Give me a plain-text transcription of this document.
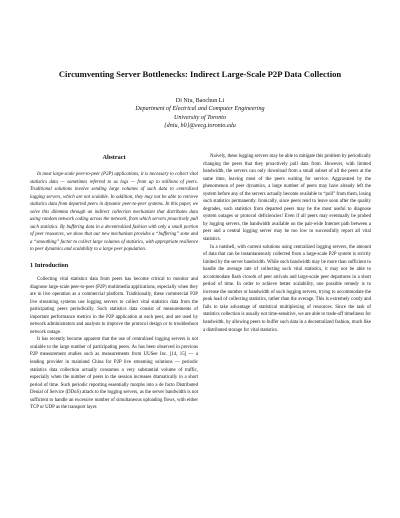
Circumventing Server Bottlenecks: Indirect Large-Scale P2P Data Collection
Di Niu, Baochun Li
Department of Electrical and Computer Engineering
University of Toronto
{dniu, bli}@eecg.toronto.edu
Abstract

In most large-scale peer-to-peer (P2P) applications, it is necessary to collect vital statistics data — sometimes referred to as logs — from up to millions of peers. Traditional solutions involve sending large volumes of such data to centralized logging servers, which are not scalable. In addition, they may not be able to retrieve statistics data from departed peers in dynamic peer-to-peer systems. In this paper, we solve this dilemma through an indirect collection mechanism that distributes data using random network coding across the network, from which servers proactively pull such statistics. By buffering data in a decentralized fashion with only a small portion of peer resources, we show that our new mechanism provides a “buffering” zone and a “smoothing” factor to collect large volumes of statistics, with appropriate resilience to peer dynamics and scalability to a large peer population.

1 Introduction

Collecting vital statistics data from peers has become critical to monitor and diagnose large-scale peer-to-peer (P2P) multimedia applications, especially when they are in live operation as a commercial platform. Traditionally, these commercial P2P live streaming systems use logging servers to collect vital statistics data from the participating peers periodically. Such statistics data consist of measurements of important performance metrics in the P2P application at each peer, and are used by network administrators and analysts to improve the protocol design or to troubleshoot network outage.

It has recently become apparent that the use of centralized logging servers is not scalable to the large number of participating peers. As has been observed in previous P2P measurement studies such as measurements from UUSee Inc. [14, 15] — a leading provider in mainland China for P2P live streaming solutions — periodic statistics data collection actually consumes a very substantial volume of traffic, especially when the number of peers in the session increases dramatically in a short period of time. Such periodic reporting essentially morphs into a de facto Distributed Denial of Service (DDoS) attack to the logging servers, as the server bandwidth is not sufficient to handle an excessive number of simultaneous uploading flows, with either TCP or UDP as the transport layer.

Naively, these logging servers may be able to mitigate this problem by periodically changing the peers that they proactively pull data from. However, with limited bandwidth, the servers can only download from a small subset of all the peers at the same time, leaving most of the peers waiting for service. Aggravated by the phenomenon of peer dynamics, a large number of peers may have already left the system before any of the servers actually become available to “poll” from them, losing such statistics permanently. Ironically, since peers tend to leave soon after the quality degrades, such statistics from departed peers may be the most useful to diagnose system outages or protocol deficiencies! Even if all peers may eventually be probed by logging servers, the bandwidth available on the pair-wide Internet path between a peer and a central logging server may be too low to successfully report all vital statistics.

In a nutshell, with current solutions using centralized logging servers, the amount of data that can be instantaneously collected from a large-scale P2P system is strictly limited by the server bandwidth. While such bandwidth may be more than sufficient to handle the average rate of collecting such vital statistics, it may not be able to accommodate flash crowds of peer arrivals and large-scale peer departures in a short period of time. In order to achieve better scalability, one possible remedy is to increase the number or bandwidth of such logging servers, trying to accommodate the peak load of collecting statistics, rather than the average. This is extremely costly and fails to take advantage of statistical multiplexing of resources. Since the task of statistics collection is usually not time-sensitive, we are able to trade-off timeliness for bandwidth, by allowing peers to buffer such data in a decentralized fashion, much like a distributed storage for vital statistics.
